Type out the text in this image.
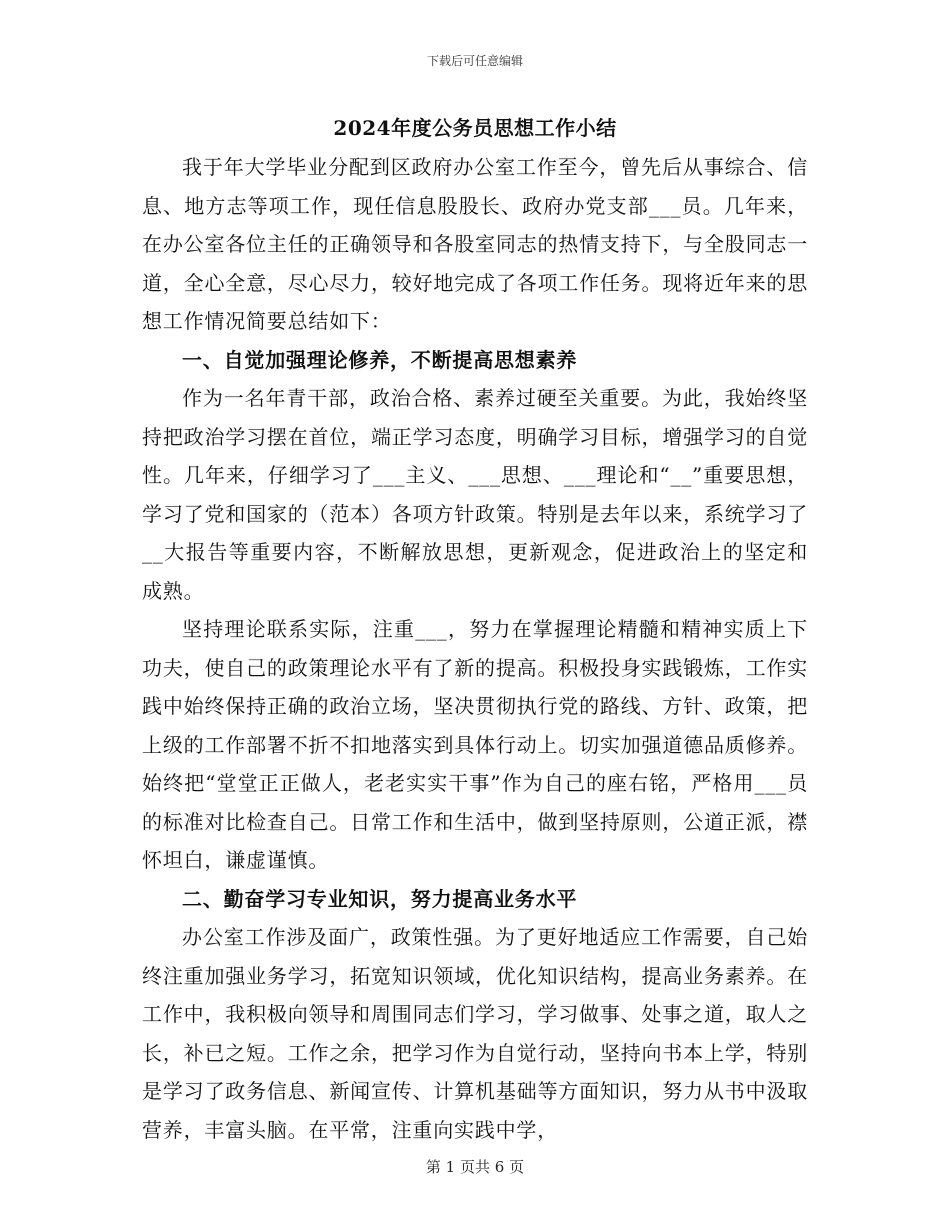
下载后可任意编辑
2024年度公务员思想工作小结

我于年大学毕业分配到区政府办公室工作至今，曾先后从事综合、信息、地方志等项工作，现任信息股股长、政府办党支部___员。几年来，在办公室各位主任的正确领导和各股室同志的热情支持下，与全股同志一道，全心全意，尽心尽力，较好地完成了各项工作任务。现将近年来的思想工作情况简要总结如下：

一、自觉加强理论修养，不断提高思想素养

作为一名年青干部，政治合格、素养过硬至关重要。为此，我始终坚持把政治学习摆在首位，端正学习态度，明确学习目标，增强学习的自觉性。几年来，仔细学习了___主义、___思想、___理论和“__”重要思想，学习了党和国家的（范本）各项方针政策。特别是去年以来，系统学习了__大报告等重要内容，不断解放思想，更新观念，促进政治上的坚定和成熟。

坚持理论联系实际，注重___，努力在掌握理论精髓和精神实质上下功夫，使自己的政策理论水平有了新的提高。积极投身实践锻炼，工作实践中始终保持正确的政治立场，坚决贯彻执行党的路线、方针、政策，把上级的工作部署不折不扣地落实到具体行动上。切实加强道德品质修养。始终把“堂堂正正做人，老老实实干事”作为自己的座右铭，严格用___员的标准对比检查自己。日常工作和生活中，做到坚持原则，公道正派，襟怀坦白，谦虚谨慎。

二、勤奋学习专业知识，努力提高业务水平

办公室工作涉及面广，政策性强。为了更好地适应工作需要，自己始终注重加强业务学习，拓宽知识领域，优化知识结构，提高业务素养。在工作中，我积极向领导和周围同志们学习，学习做事、处事之道，取人之长，补已之短。工作之余，把学习作为自觉行动，坚持向书本上学，特别是学习了政务信息、新闻宣传、计算机基础等方面知识，努力从书中汲取营养，丰富头脑。在平常，注重向实践中学，

第 1 页共 6 页
